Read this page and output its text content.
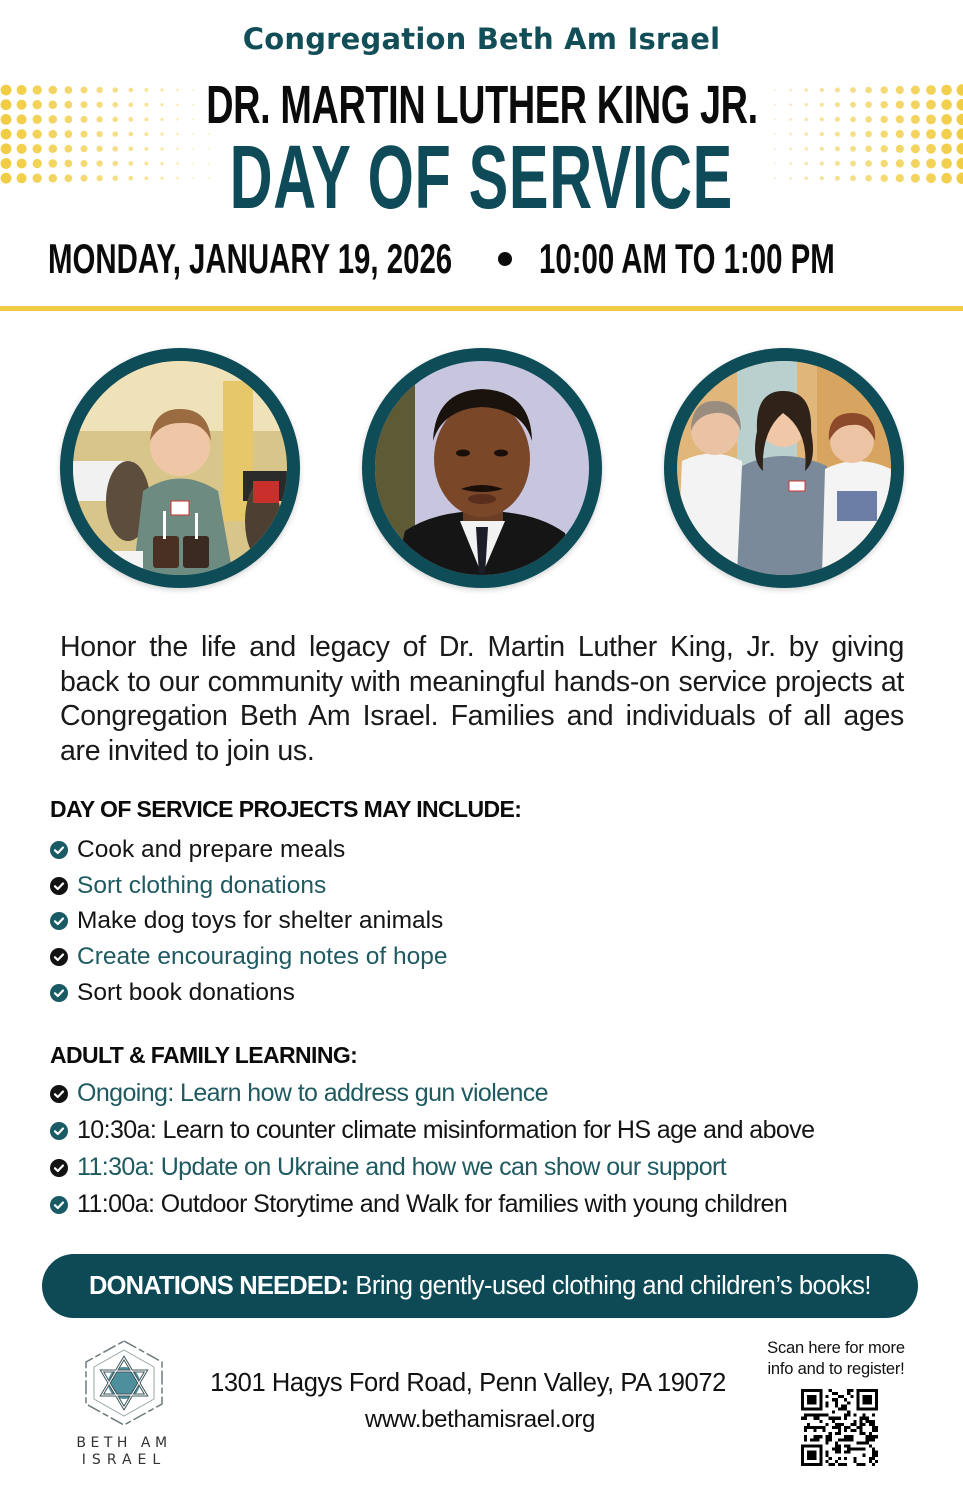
Congregation Beth Am Israel
DR. MARTIN LUTHER KING JR.
DAY OF SERVICE
MONDAY, JANUARY 19, 2026 10:00 AM TO 1:00 PM

Honor the life and legacy of Dr. Martin Luther King, Jr. by giving back to our community with meaningful hands-on service projects at Congregation Beth Am Israel. Families and individuals of all ages are invited to join us.

DAY OF SERVICE PROJECTS MAY INCLUDE:
Cook and prepare meals
Sort clothing donations
Make dog toys for shelter animals
Create encouraging notes of hope
Sort book donations
ADULT & FAMILY LEARNING:
Ongoing: Learn how to address gun violence
10:30a: Learn to counter climate misinformation for HS age and above
11:30a: Update on Ukraine and how we can show our support
11:00a: Outdoor Storytime and Walk for families with young children
DONATIONS NEEDED: Bring gently-used clothing and children’s books!
BETH AM
ISRAEL
1301 Hagys Ford Road, Penn Valley, PA 19072
www.bethamisrael.org
Scan here for more
info and to register!
